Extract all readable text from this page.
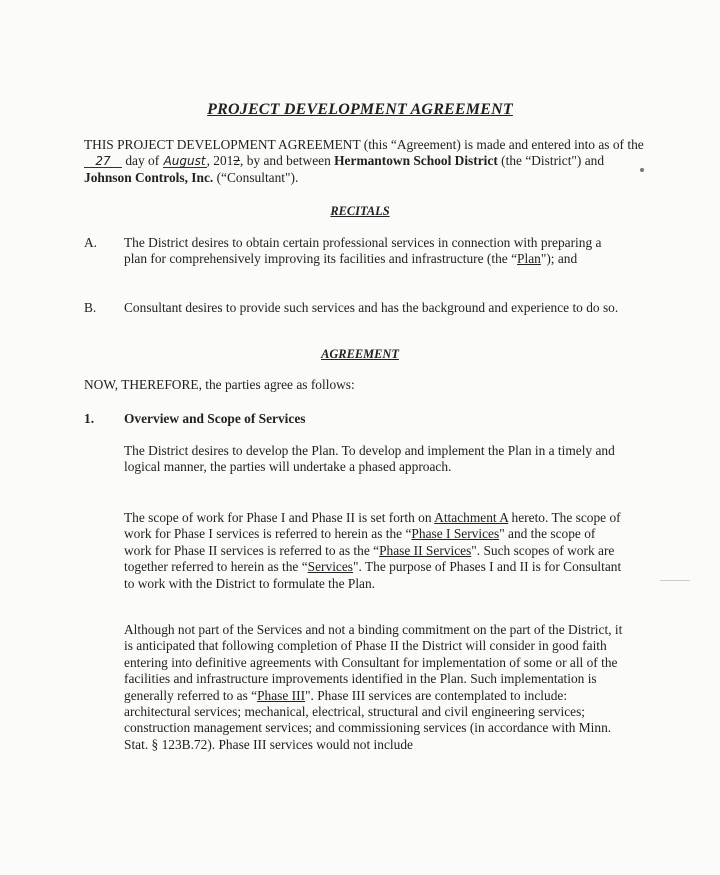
PROJECT DEVELOPMENT AGREEMENT

THIS PROJECT DEVELOPMENT AGREEMENT (this “Agreement) is made and entered into as of the 27 day of August, 2012, by and between Hermantown School District (the “District") and Johnson Controls, Inc. (“Consultant").

RECITALS
A.	The District desires to obtain certain professional services in connection with preparing a plan for comprehensively improving its facilities and infrastructure (the “Plan"); and
B.	Consultant desires to provide such services and has the background and experience to do so.
AGREEMENT
NOW, THEREFORE, the parties agree as follows:
1.	Overview and Scope of Services
The District desires to develop the Plan. To develop and implement the Plan in a timely and logical manner, the parties will undertake a phased approach.
The scope of work for Phase I and Phase II is set forth on Attachment A hereto. The scope of work for Phase I services is referred to herein as the “Phase I Services" and the scope of work for Phase II services is referred to as the “Phase II Services". Such scopes of work are together referred to herein as the “Services". The purpose of Phases I and II is for Consultant to work with the District to formulate the Plan.
Although not part of the Services and not a binding commitment on the part of the District, it is anticipated that following completion of Phase II the District will consider in good faith entering into definitive agreements with Consultant for implementation of some or all of the facilities and infrastructure improvements identified in the Plan. Such implementation is generally referred to as “Phase III". Phase III services are contemplated to include: architectural services; mechanical, electrical, structural and civil engineering services; construction management services; and commissioning services (in accordance with Minn. Stat. § 123B.72). Phase III services would not include
